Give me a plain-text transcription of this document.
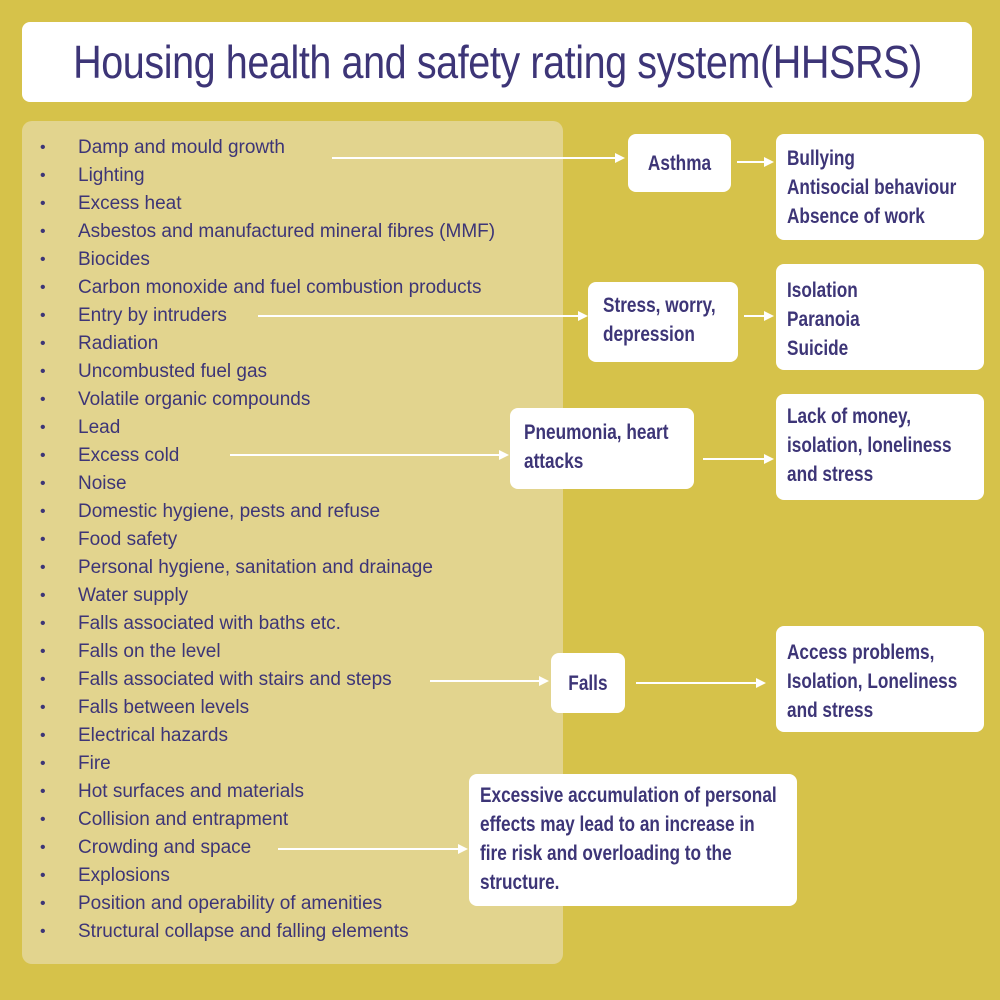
Housing health and safety rating system(HHSRS)
• Damp and mould growth
• Lighting
• Excess heat
• Asbestos and manufactured mineral fibres (MMF)
• Biocides
• Carbon monoxide and fuel combustion products
• Entry by intruders
• Radiation
• Uncombusted fuel gas
• Volatile organic compounds
• Lead
• Excess cold
• Noise
• Domestic hygiene, pests and refuse
• Food safety
• Personal hygiene, sanitation and drainage
• Water supply
• Falls associated with baths etc.
• Falls on the level
• Falls associated with stairs and steps
• Falls between levels
• Electrical hazards
• Fire
• Hot surfaces and materials
• Collision and entrapment
• Crowding and space
• Explosions
• Position and operability of amenities
• Structural collapse and falling elements
Asthma	Bullying
Antisocial behaviour
Absence of work
Stress, worry,
depression
Isolation
Paranoia
Suicide
Pneumonia, heart
attacks
Lack of money,
isolation, loneliness
and stress
Falls
Access problems,
Isolation, Loneliness
and stress
Excessive accumulation of personal
effects may lead to an increase in
fire risk and overloading to the
structure.
